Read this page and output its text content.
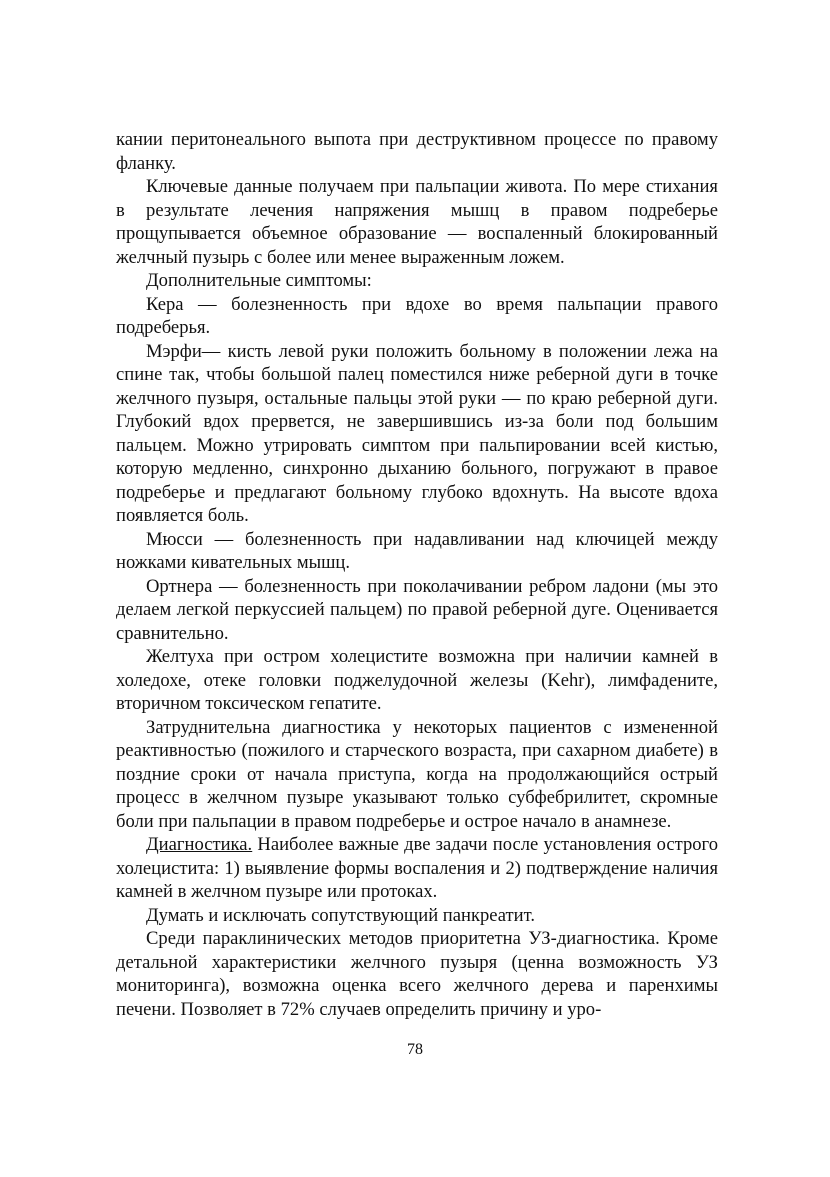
кании перитонеального выпота при деструктивном процессе по правому фланку.

Ключевые данные получаем при пальпации живота. По мере стихания в результате лечения напряжения мышц в правом подреберье прощупывается объемное образование — воспаленный блокированный желчный пузырь с более или менее выраженным ложем.

Дополнительные симптомы:

Кера — болезненность при вдохе во время пальпации правого подреберья.

Мэрфи— кисть левой руки положить больному в положении лежа на спине так, чтобы большой палец поместился ниже реберной дуги в точке желчного пузыря, остальные пальцы этой руки — по краю реберной дуги. Глубокий вдох прервется, не завершившись из-за боли под большим пальцем. Можно утрировать симптом при пальпировании всей кистью, которую медленно, синхронно дыханию больного, погружают в правое подреберье и предлагают больному глубоко вдохнуть. На высоте вдоха появляется боль.

Мюсси — болезненность при надавливании над ключицей между ножками кивательных мышц.

Ортнера — болезненность при поколачивании ребром ладони (мы это делаем легкой перкуссией пальцем) по правой реберной дуге. Оценивается сравнительно.

Желтуха при остром холецистите возможна при наличии камней в холедохе, отеке головки поджелудочной железы (Kehr), лимфадените, вторичном токсическом гепатите.

Затруднительна диагностика у некоторых пациентов с измененной реактивностью (пожилого и старческого возраста, при сахарном диабете) в поздние сроки от начала приступа, когда на продолжающийся острый процесс в желчном пузыре указывают только субфебрилитет, скромные боли при пальпации в правом подреберье и острое начало в анамнезе.

Диагностика. Наиболее важные две задачи после установления острого холецистита: 1) выявление формы воспаления и 2) подтверждение наличия камней в желчном пузыре или протоках.

Думать и исключать сопутствующий панкреатит.

Среди параклинических методов приоритетна УЗ-диагностика. Кроме детальной характеристики желчного пузыря (ценна возможность УЗ мониторинга), возможна оценка всего желчного дерева и паренхимы печени. Позволяет в 72% случаев определить причину и уро-

78
